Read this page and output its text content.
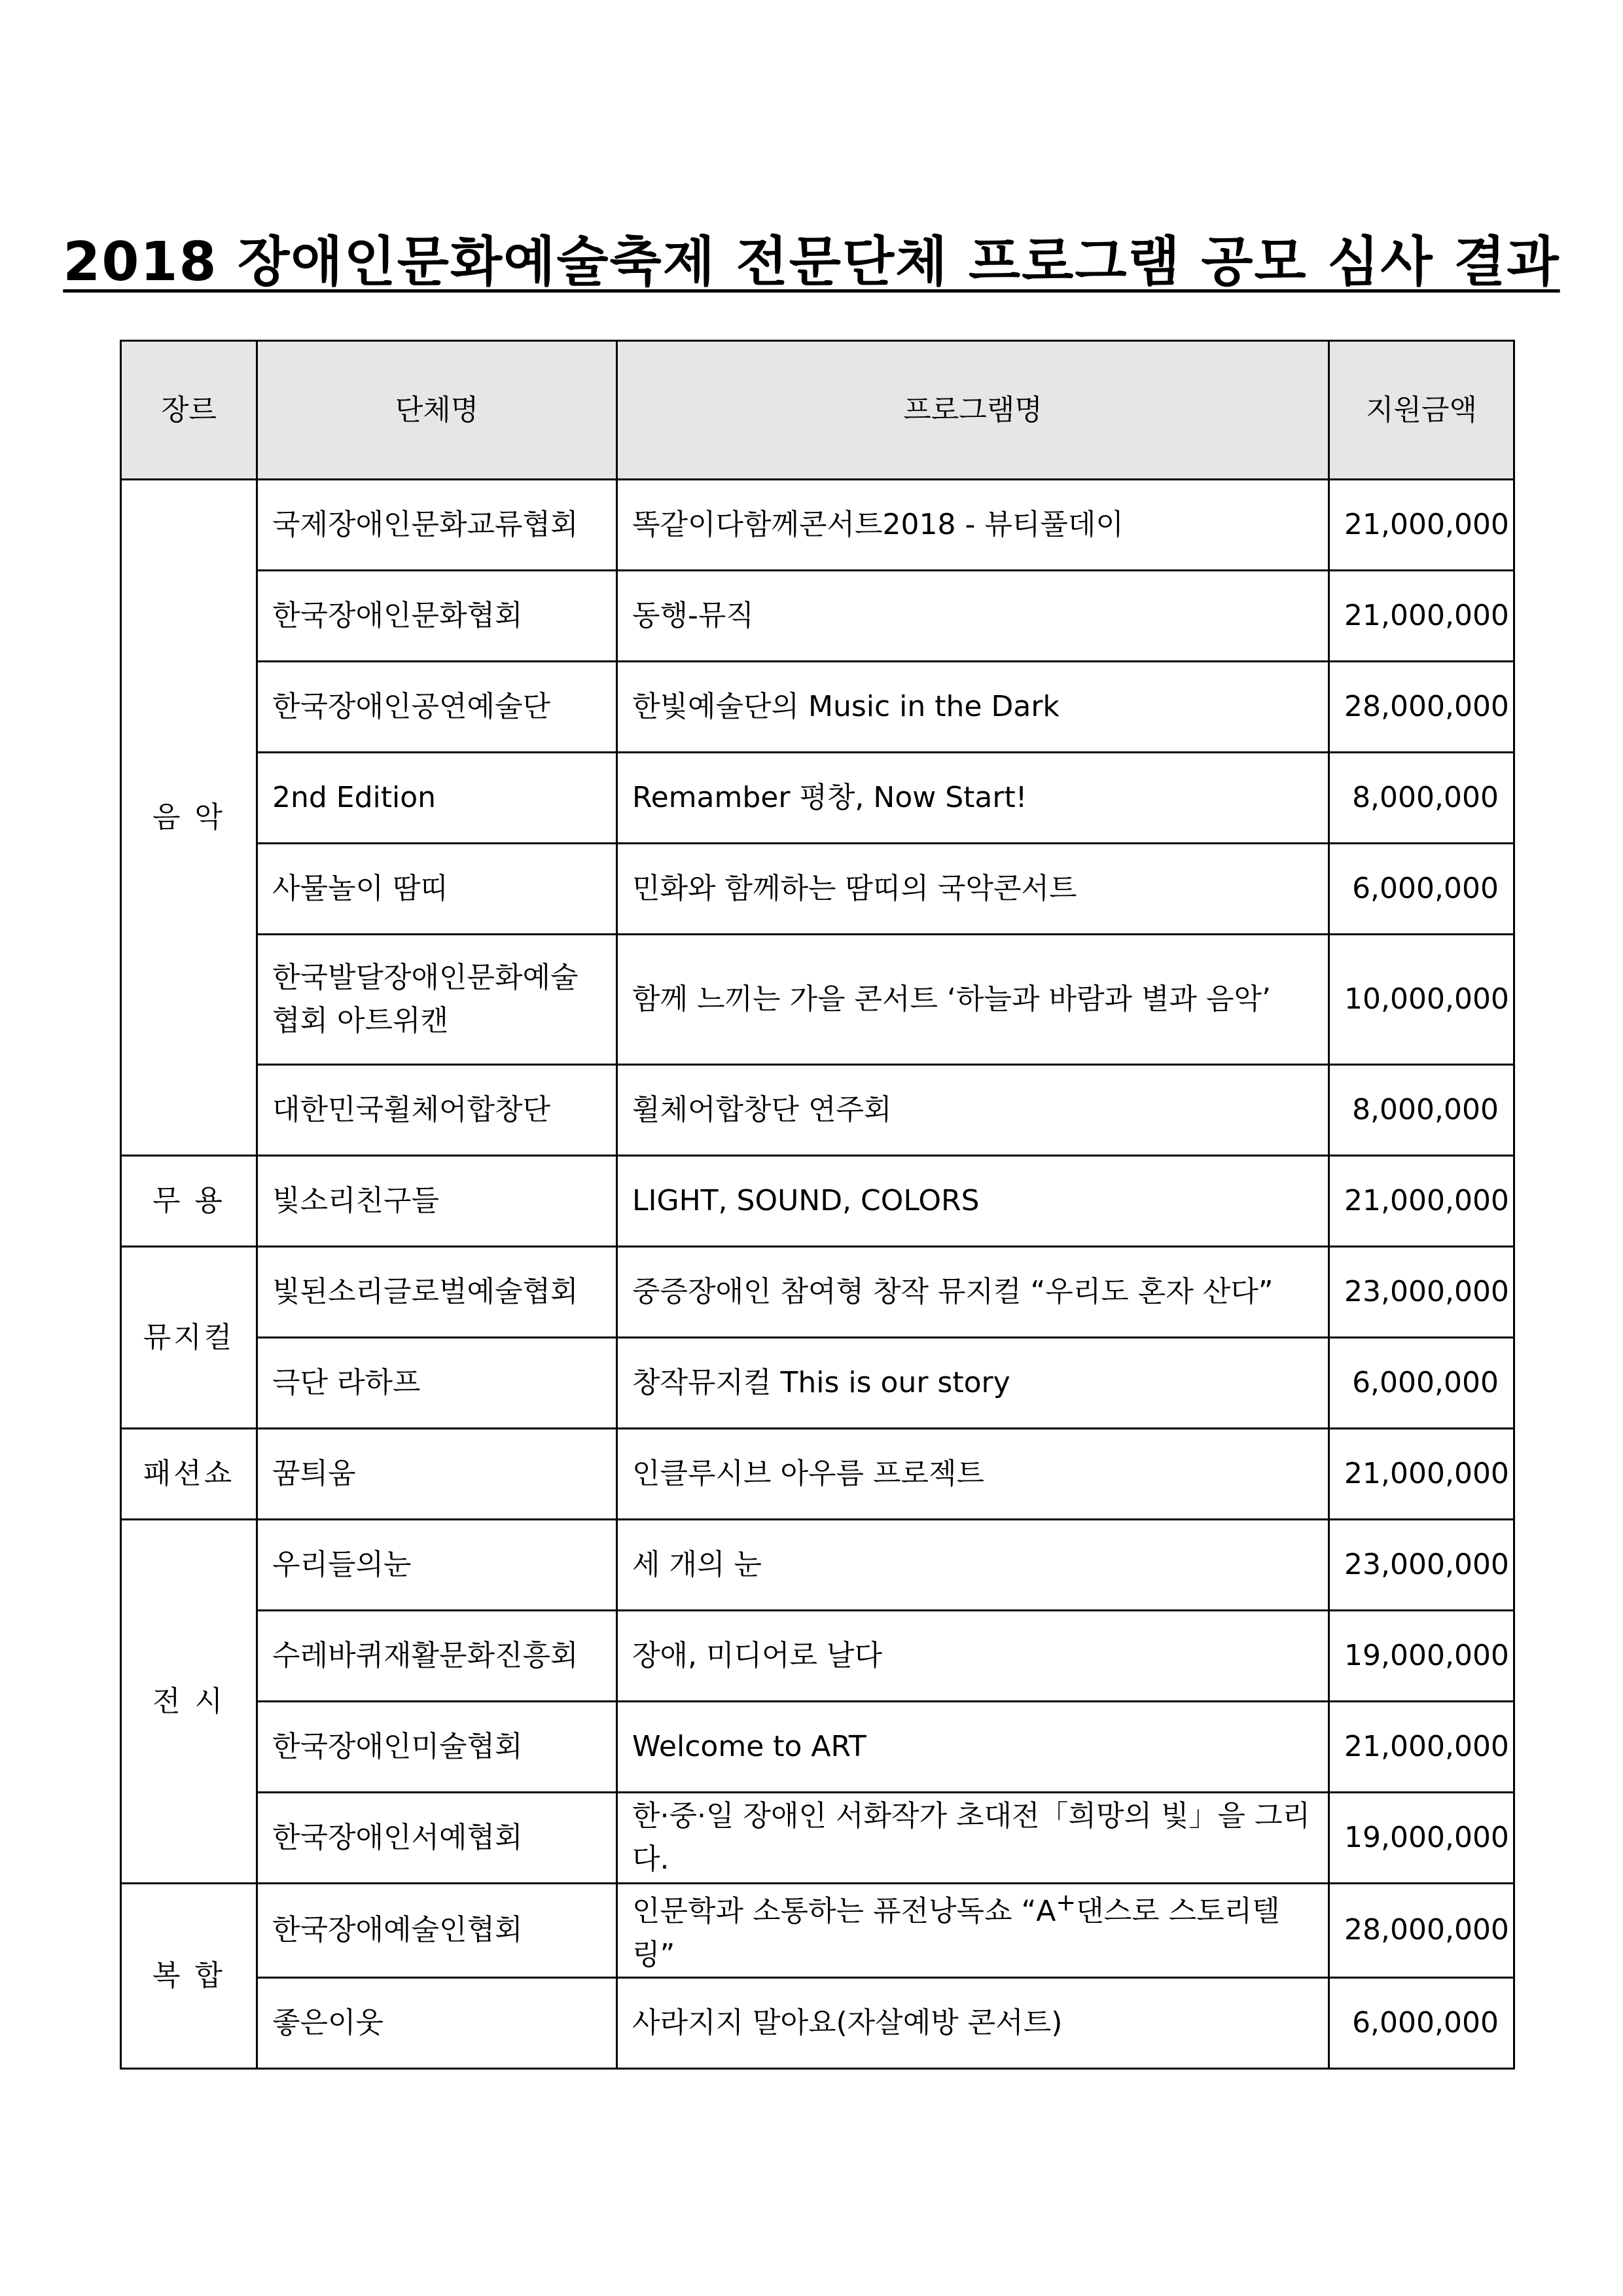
2018 장애인문화예술축제 전문단체 프로그램 공모 심사 결과
장르	단체명	프로그램명	지원금액
음 악	국제장애인문화교류협회	똑같이다함께콘서트2018 - 뷰티풀데이	21,000,000
	한국장애인문화협회	동행-뮤직	21,000,000
	한국장애인공연예술단	한빛예술단의 Music in the Dark	28,000,000
	2nd Edition	Remamber 평창, Now Start!	8,000,000
	사물놀이 땀띠	민화와 함께하는 땀띠의 국악콘서트	6,000,000
	한국발달장애인문화예술협회 아트위캔	함께 느끼는 가을 콘서트 ‘하늘과 바람과 별과 음악’	10,000,000
	대한민국휠체어합창단	휠체어합창단 연주회	8,000,000
무 용	빛소리친구들	LIGHT, SOUND, COLORS	21,000,000
뮤지컬	빛된소리글로벌예술협회	중증장애인 참여형 창작 뮤지컬 “우리도 혼자 산다”	23,000,000
	극단 라하프	창작뮤지컬 This is our story	6,000,000
패션쇼	꿈틔움	인클루시브 아우름 프로젝트	21,000,000
전 시	우리들의눈	세 개의 눈	23,000,000
	수레바퀴재활문화진흥회	장애, 미디어로 날다	19,000,000
	한국장애인미술협회	Welcome to ART	21,000,000
	한국장애인서예협회	한·중·일 장애인 서화작가 초대전「희망의 빛」을 그리다.	19,000,000
복 합	한국장애예술인협회	인문학과 소통하는 퓨전낭독쇼 “A+댄스로 스토리텔링”	28,000,000
	좋은이웃	사라지지 말아요(자살예방 콘서트)	6,000,000
